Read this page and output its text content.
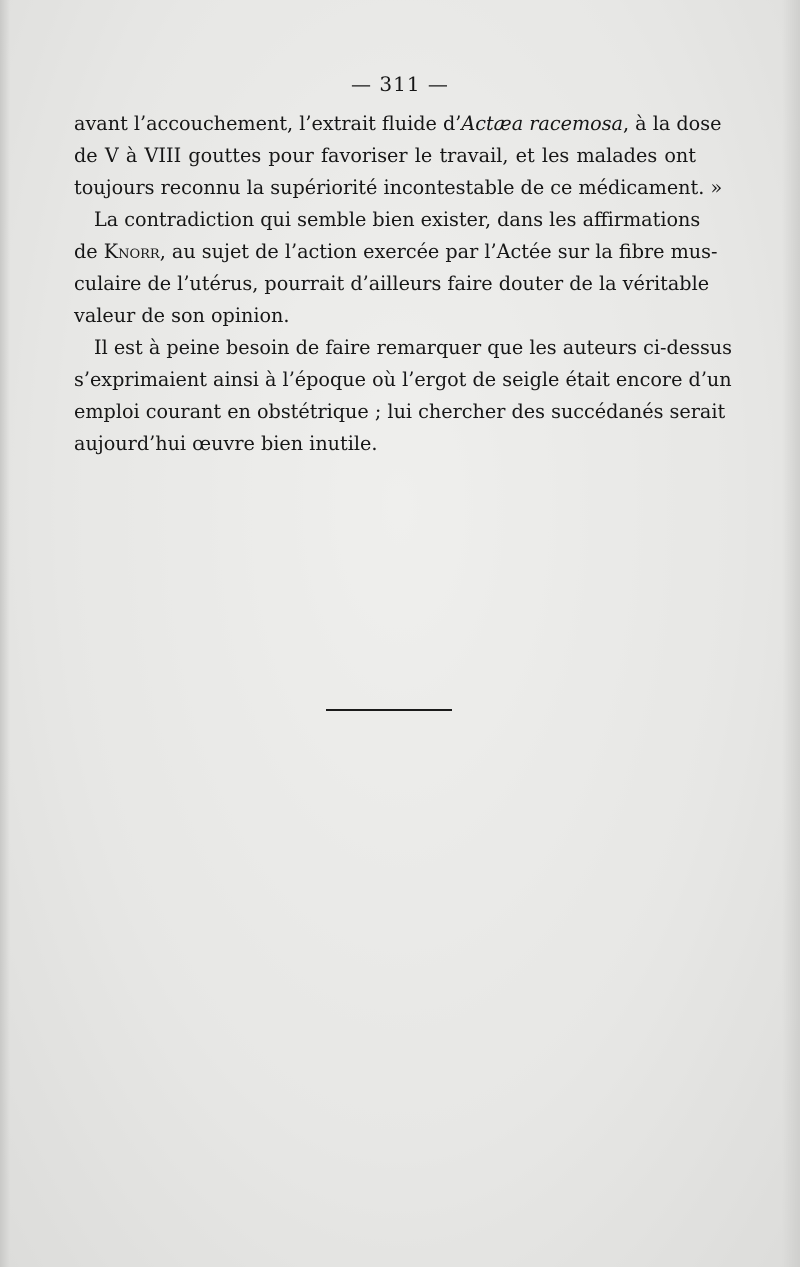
— 311 —

avant l’accouchement, l’extrait fluide d’Actæa racemosa, à la dose
de V à VIII gouttes pour favoriser le travail, et les malades ont
toujours reconnu la supériorité incontestable de ce médicament. »

La contradiction qui semble bien exister, dans les affirmations
de Knorr, au sujet de l’action exercée par l’Actée sur la fibre mus-
culaire de l’utérus, pourrait d’ailleurs faire douter de la véritable
valeur de son opinion.

Il est à peine besoin de faire remarquer que les auteurs ci-dessus
s’exprimaient ainsi à l’époque où l’ergot de seigle était encore d’un
emploi courant en obstétrique ; lui chercher des succédanés serait
aujourd’hui œuvre bien inutile.
